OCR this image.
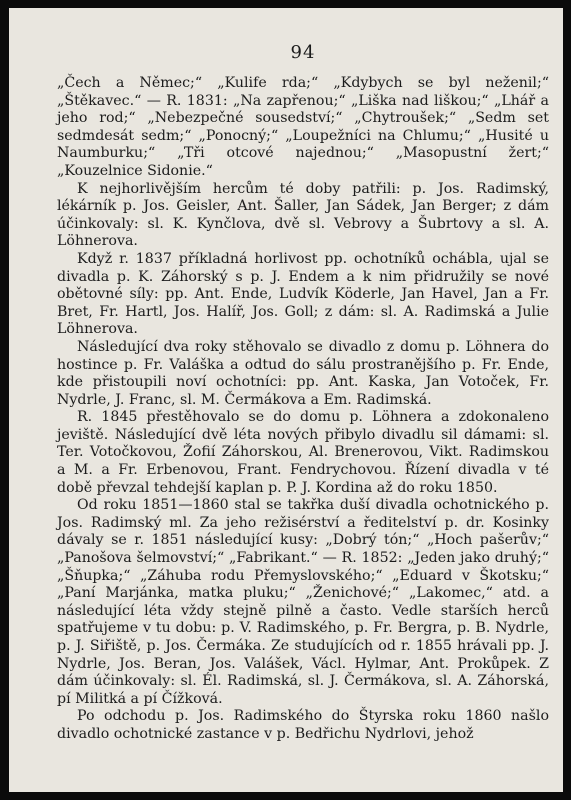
94

„Čech a Němec;“ „Kulife rda;“ „Kdybych se byl neženil;“ „Štěkavec.“ — R. 1831: „Na zapřenou;“ „Liška nad liškou;“ „Lhář a jeho rod;“ „Nebezpečné sousedství;“ „Chytroušek;“ „Sedm set sedmdesát sedm;“ „Ponocný;“ „Loupežníci na Chlumu;“ „Husité u Naumburku;“ „Tři otcové najednou;“ „Masopustní žert;“ „Kouzelnice Sidonie.“

K nejhorlivějším hercům té doby patřili: p. Jos. Radimský, lékárník p. Jos. Geisler, Ant. Šaller, Jan Sádek, Jan Berger; z dám účinkovaly: sl. K. Kynčlova, dvě sl. Vebrovy a Šubrtovy a sl. A. Löhnerova.

Když r. 1837 příkladná horlivost pp. ochotníků ochábla, ujal se divadla p. K. Záhorský s p. J. Endem a k nim přidružily se nové obětovné síly: pp. Ant. Ende, Ludvík Köderle, Jan Havel, Jan a Fr. Bret, Fr. Hartl, Jos. Halíř, Jos. Goll; z dám: sl. A. Radimská a Julie Löhnerova.

Následující dva roky stěhovalo se divadlo z domu p. Löhnera do hostince p. Fr. Valáška a odtud do sálu prostranějšího p. Fr. Ende, kde přistoupili noví ochotníci: pp. Ant. Kaska, Jan Votoček, Fr. Nydrle, J. Franc, sl. M. Čermákova a Em. Radimská.

R. 1845 přestěhovalo se do domu p. Löhnera a zdokonaleno jeviště. Následující dvě léta nových přibylo divadlu sil dámami: sl. Ter. Votočkovou, Žofií Záhorskou, Al. Brenerovou, Vikt. Radimskou a M. a Fr. Erbenovou, Frant. Fendrychovou. Řízení divadla v té době převzal tehdejší kaplan p. P. J. Kordina až do roku 1850.

Od roku 1851—1860 stal se takřka duší divadla ochotnického p. Jos. Radimský ml. Za jeho režisérství a ředitelství p. dr. Kosinky dávaly se r. 1851 následující kusy: „Dobrý tón;“ „Hoch pašerův;“ „Panošova šelmovství;“ „Fabrikant.“ — R. 1852: „Jeden jako druhý;“ „Šňupka;“ „Záhuba rodu Přemyslovského;“ „Eduard v Škotsku;“ „Paní Marjánka, matka pluku;“ „Ženichové;“ „Lakomec,“ atd. a následující léta vždy stejně pilně a často. Vedle starších herců spatřujeme v tu dobu: p. V. Radimského, p. Fr. Bergra, p. B. Nydrle, p. J. Siřiště, p. Jos. Čermáka. Ze studujících od r. 1855 hrávali pp. J. Nydrle, Jos. Beran, Jos. Valášek, Václ. Hylmar, Ant. Prokůpek. Z dám účinkovaly: sl. Él. Radimská, sl. J. Čermákova, sl. A. Záhorská, pí Militká a pí Čížková.

Po odchodu p. Jos. Radimského do Štyrska roku 1860 našlo divadlo ochotnické zastance v p. Bedřichu Nydrlovi, jehož
